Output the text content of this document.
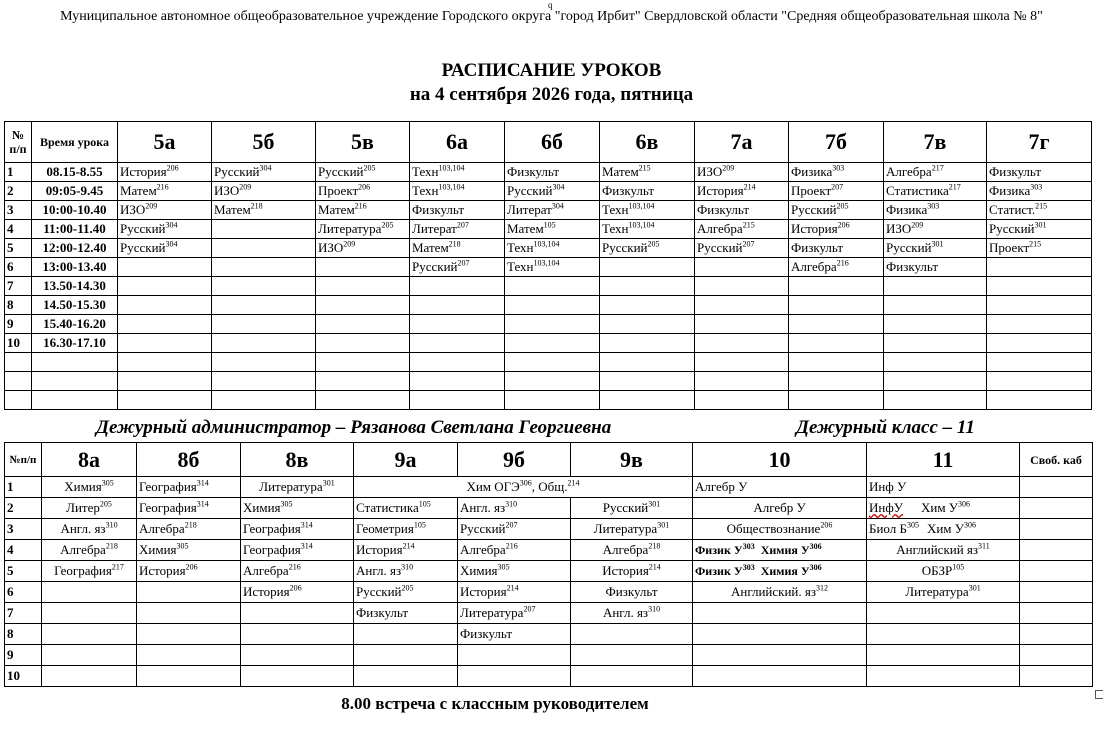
q
Муниципальное автономное общеобразовательное учреждение Городского округа "город Ирбит" Свердловской области "Средняя общеобразовательная школа № 8"
РАСПИСАНИЕ УРОКОВ
на 4 сентября 2026 года, пятница
№ п/п	Время урока	5а	5б	5в	6а	6б	6в	7а	7б	7в	7г
1	08.15-8.55	История$^{206}$	Русский$^{304}$	Русский$^{205}$	Техн$^{103,104}$	Физкульт	Матем$^{215}$	ИЗО$^{209}$	Физика$^{303}$	Алгебра$^{217}$	Физкульт
2	09:05-9.45	Матем$^{216}$	ИЗО$^{209}$	Проект$^{206}$	Техн$^{103,104}$	Русский$^{304}$	Физкульт	История$^{214}$	Проект$^{207}$	Статистика$^{217}$	Физика$^{303}$
3	10:00-10.40	ИЗО$^{209}$	Матем$^{218}$	Матем$^{216}$	Физкульт	Литерат$^{304}$	Техн$^{103,104}$	Физкульт	Русский$^{205}$	Физика$^{303}$	Статист.$^{215}$
4	11:00-11.40	Русский$^{304}$		Литература$^{205}$	Литерат$^{207}$	Матем$^{105}$	Техн$^{103,104}$	Алгебра$^{215}$	История$^{206}$	ИЗО$^{209}$	Русский$^{301}$
5	12:00-12.40	Русский$^{304}$		ИЗО$^{209}$	Матем$^{218}$	Техн$^{103,104}$	Русский$^{205}$	Русский$^{207}$	Физкульт	Русский$^{301}$	Проект$^{215}$
6	13:00-13.40				Русский$^{207}$	Техн$^{103,104}$			Алгебра$^{216}$	Физкульт	
7	13.50-14.30										
8	14.50-15.30										
9	15.40-16.20										
10	16.30-17.10										

Дежурный администратор – Рязанова Светлана Георгиевна	Дежурный класс – 11
№п/п	8а	8б	8в	9а	9б	9в	10	11	Своб. каб
1	Химия$^{305}$	География$^{314}$	Литература$^{301}$	Хим ОГЭ$^{306}$, Общ.$^{214}$			Алгебр У	Инф У	
2	Литер$^{205}$	География$^{314}$	Химия$^{305}$	Статистика$^{105}$	Англ. $яз^{310}$	Русский$^{301}$	Алгебр У	ИнфУ Хим $У^{306}$	
3	Англ. $яз^{310}$	Алгебра$^{218}$	География$^{314}$	Геометрия$^{105}$	Русский$^{207}$	Литература$^{301}$	Обществознание$^{206}$	Биол $Б^{305}$ Хим $У^{306}$	
4	Алгебра$^{218}$	Химия$^{305}$	География$^{314}$	История$^{214}$	Алгебра$^{216}$	Алгебра$^{218}$	Физик $У^{303}$ Химия $У^{306}$	Английский $яз^{311}$	
5	География$^{217}$	История$^{206}$	Алгебра$^{216}$	Англ. $яз^{310}$	Химия$^{305}$	История$^{214}$	Физик $У^{303}$ Химия $У^{306}$	ОБЗР$^{105}$	
6			История$^{206}$	Русский$^{205}$	История$^{214}$	Физкульт	Английский. $яз^{312}$	Литература$^{301}$	
7				Физкульт	Литература$^{207}$	Англ. $яз^{310}$			
8					Физкульт				
9									
10									
8.00 встреча с классным руководителем
